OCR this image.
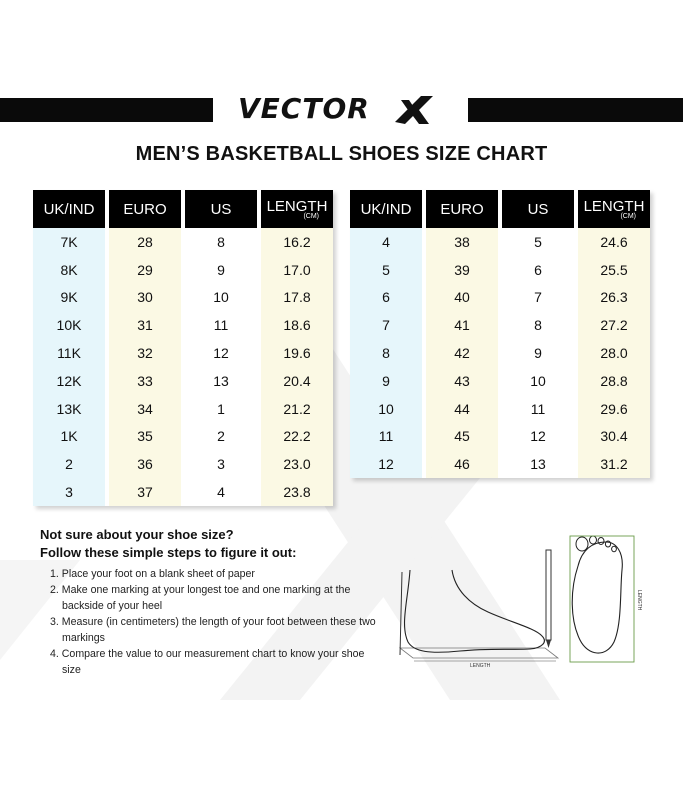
VECTOR
MEN’S BASKETBALL SHOES SIZE CHART
UK/IND	EURO	US	LENGTH
(CM)

7K	28	8	16.2
8K	29	9	17.0
9K	30	10	17.8
10K	31	11	18.6
11K	32	12	19.6
12K	33	13	20.4
13K	34	1	21.2
1K	35	2	22.2
2	36	3	23.0
3	37	4	23.8
UK/IND	EURO	US	LENGTH
(CM)

4	38	5	24.6
5	39	6	25.5
6	40	7	26.3
7	41	8	27.2
8	42	9	28.0
9	43	10	28.8
10	44	11	29.6
11	45	12	30.4
12	46	13	31.2
Not sure about your shoe size?
Follow these simple steps to figure it out:
1. Place your foot on a blank sheet of paper
2. Make one marking at your longest toe and one marking at the backside of your heel
3. Measure (in centimeters) the length of your foot between these two markings
4. Compare the value to our measurement chart to know your shoe size	LENGTH
LENGTH
